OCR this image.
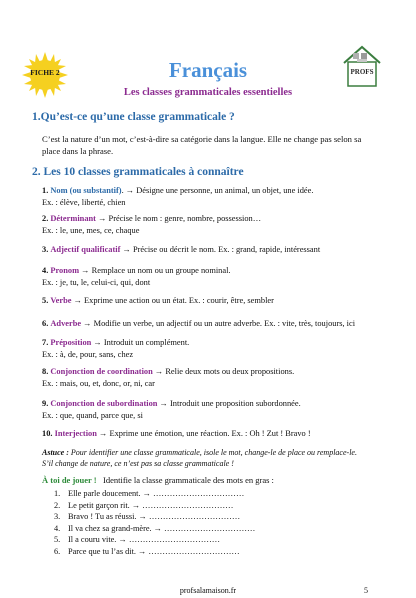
FICHE 2	Français
Les classes grammaticales essentielles
PROFS
1.Qu’est-ce qu’une classe grammaticale ?
C’est la nature d’un mot, c’est-à-dire sa catégorie dans la langue. Elle ne change pas selon sa
place dans la phrase.
2. Les 10 classes grammaticales à connaître
1. Nom (ou substantif). → Désigne une personne, un animal, un objet, une idée.
Ex. : élève, liberté, chien
2. Déterminant → Précise le nom : genre, nombre, possession…
Ex. : le, une, mes, ce, chaque
3. Adjectif qualificatif → Précise ou décrit le nom. Ex. : grand, rapide, intéressant
4. Pronom → Remplace un nom ou un groupe nominal.
Ex. : je, tu, le, celui-ci, qui, dont
5. Verbe → Exprime une action ou un état. Ex. : courir, être, sembler
6. Adverbe → Modifie un verbe, un adjectif ou un autre adverbe. Ex. : vite, très, toujours, ici
7. Préposition → Introduit un complément.
Ex. : à, de, pour, sans, chez
8. Conjonction de coordination → Relie deux mots ou deux propositions.
Ex. : mais, ou, et, donc, or, ni, car
9. Conjonction de subordination → Introduit une proposition subordonnée.
Ex. : que, quand, parce que, si
10. Interjection → Exprime une émotion, une réaction. Ex. : Oh ! Zut ! Bravo !
Astuce : Pour identifier une classe grammaticale, isole le mot, change-le de place ou remplace-le.
S’il change de nature, ce n’est pas sa classe grammaticale !
À toi de jouer ! Identifie la classe grammaticale des mots en gras :
1. Elle parle doucement. → ……………………………
2. Le petit garçon rit. → ……………………………
3. Bravo ! Tu as réussi. → ……………………………
4. Il va chez sa grand-mère. → ……………………………
5. Il a couru vite. → ……………………………
6. Parce que tu l’as dit. → ……………………………
profsalamaison.fr	5
